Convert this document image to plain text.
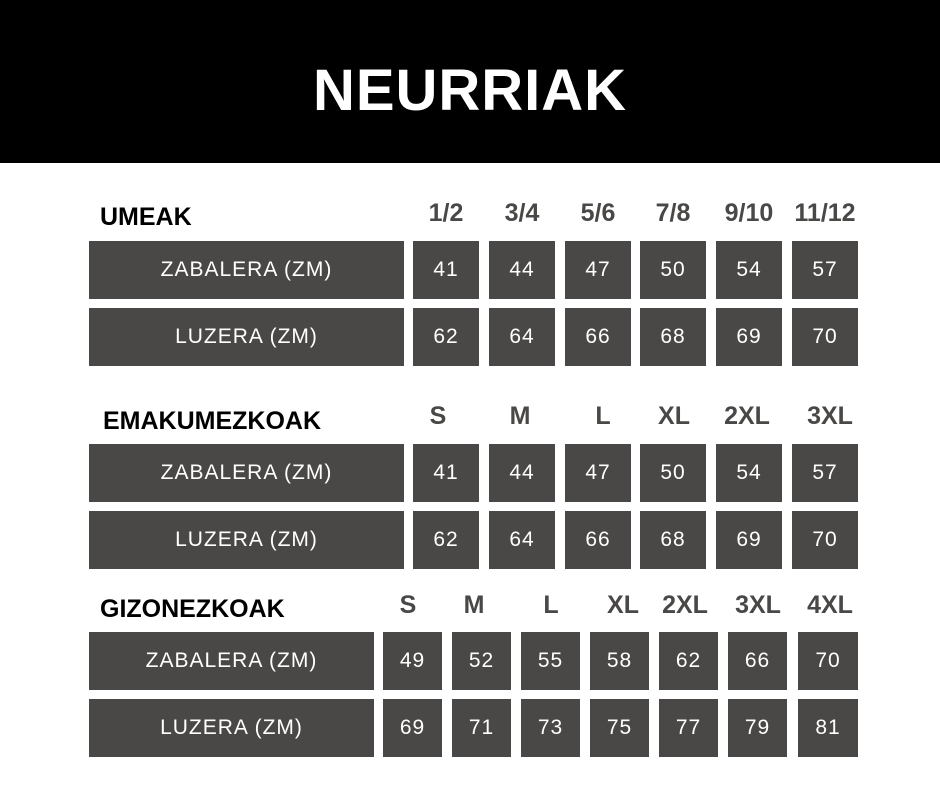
NEURRIAK
UMEAK	1/2	3/4	5/6	7/8	9/10 11/12
ZABALERA (ZM)	41	44	47	50	54	57
LUZERA (ZM)	62	64	66	68	69	70
EMAKUMEZKOAK	S	M	L	XL	2XL	3XL
ZABALERA (ZM)	41	44	47	50	54	57
LUZERA (ZM)	62	64	66	68	69	70
GIZONEZKOAK	S	M	L	XL 2XL 3XL 4XL
ZABALERA (ZM)	49	52	55	58	62	66	70
LUZERA (ZM)	69	71	73	75	77	79	81
